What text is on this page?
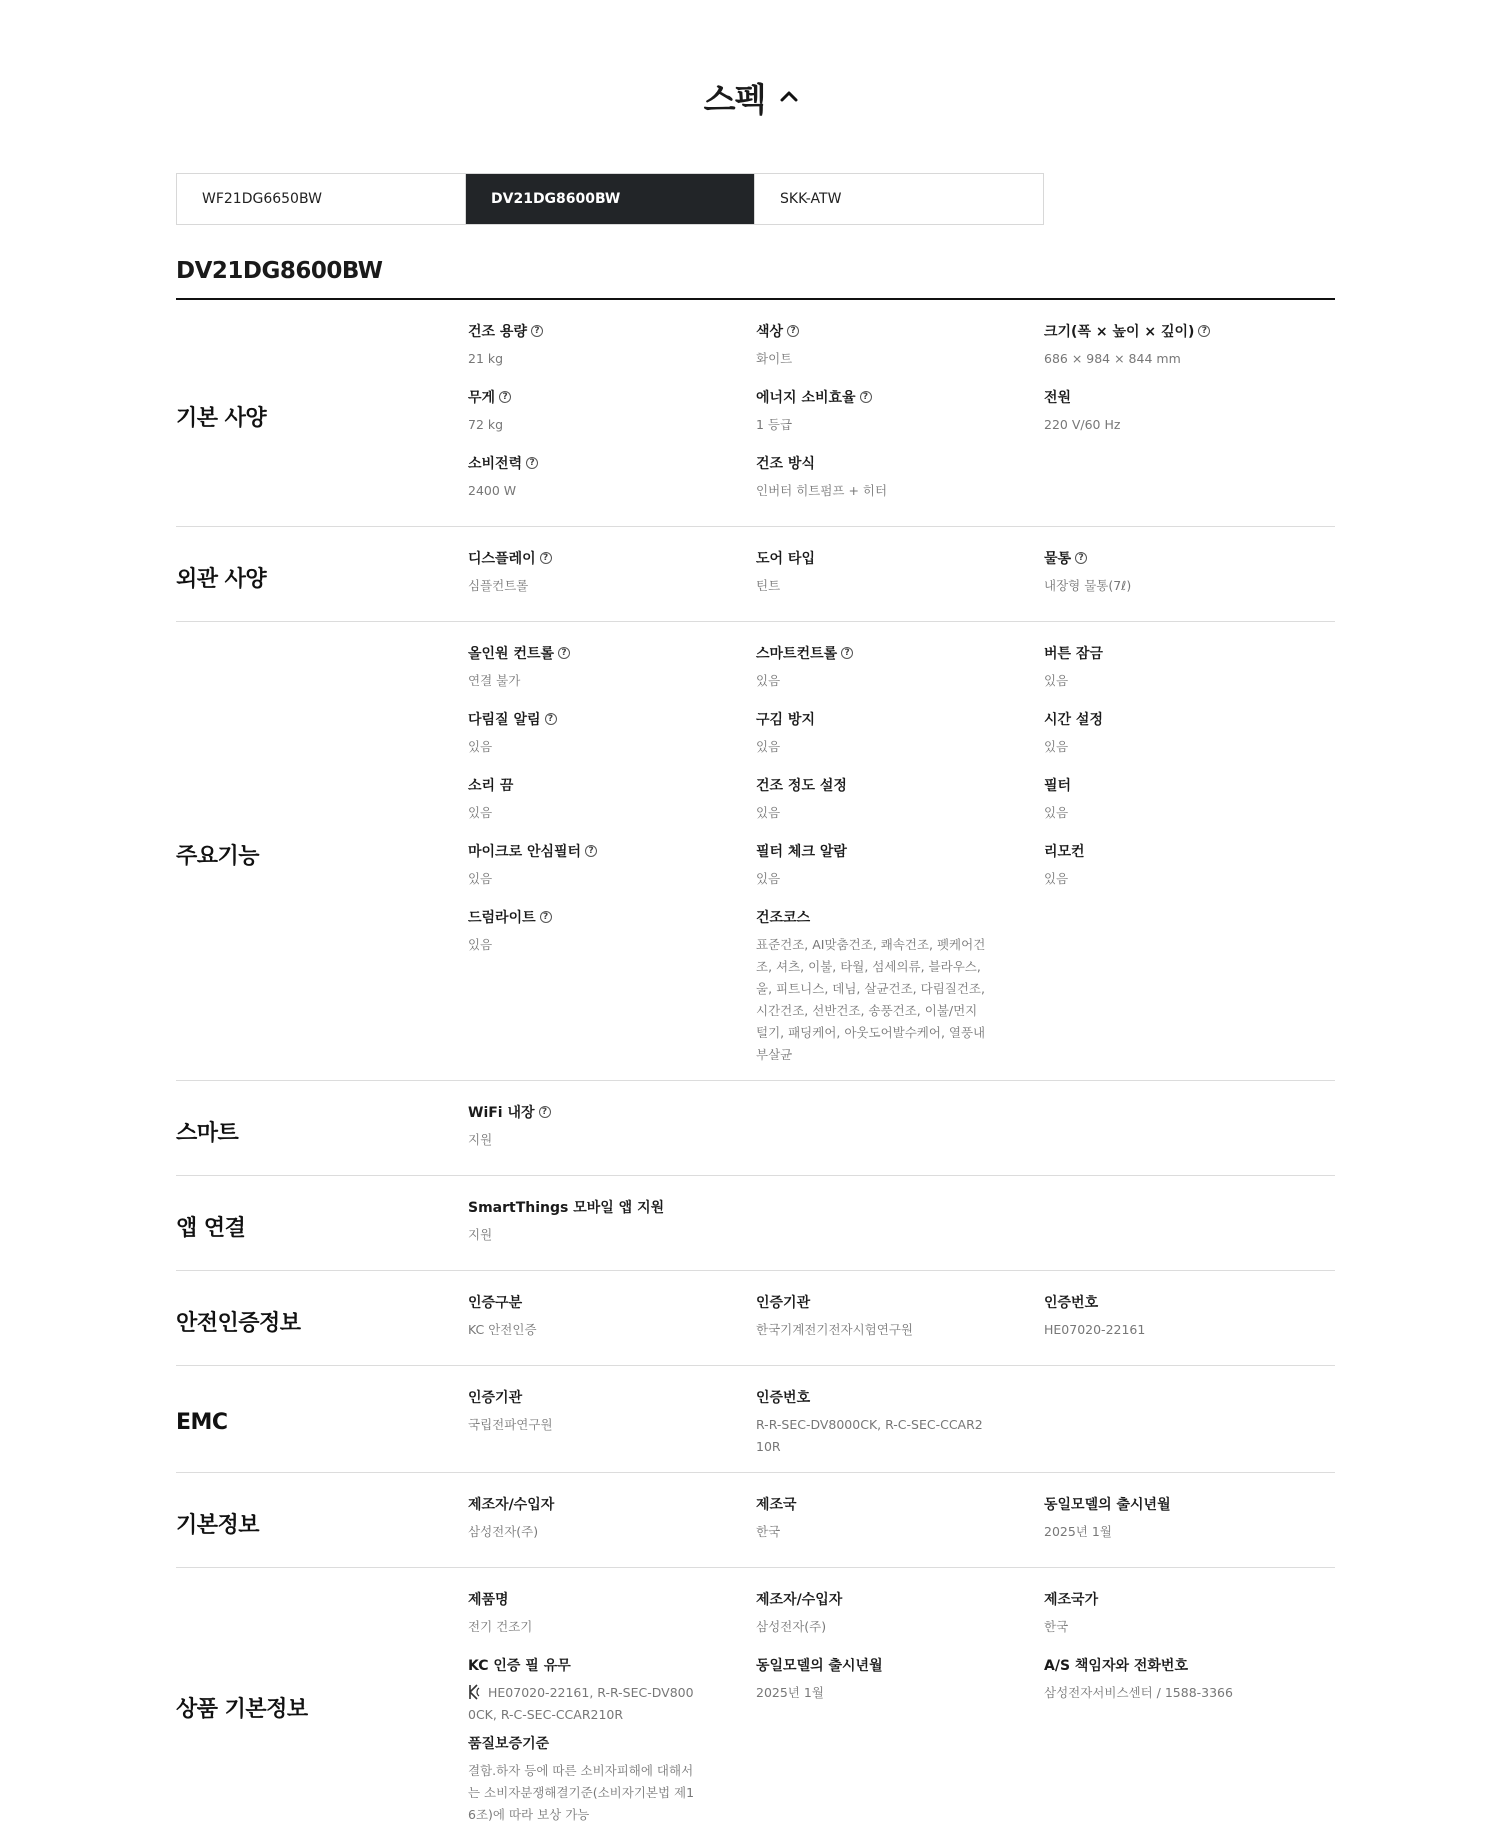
스펙
WF21DG6650BW	DV21DG8600BW	SKK-ATW
DV21DG8600BW
기본 사양
건조 용량 ?
21 kg
색상 ?
화이트
크기(폭 × 높이 × 깊이) ?
686 × 984 × 844 mm
무게 ?
72 kg
에너지 소비효율 ?
1 등급
전원
220 V/60 Hz
소비전력 ?
2400 W
건조 방식
인버터 히트펌프 + 히터
외관 사양
디스플레이 ?
심플컨트롤
도어 타입
틴트
물통 ?
내장형 물통(7ℓ)
주요기능
올인원 컨트롤 ?
연결 불가
스마트컨트롤 ?
있음
버튼 잠금
있음
다림질 알림 ?
있음
구김 방지
있음
시간 설정
있음
소리 끔
있음
건조 정도 설정
있음
필터
있음
마이크로 안심필터 ?
있음
필터 체크 알람
있음
리모컨
있음
드럼라이트 ?
있음
건조코스
표준건조, AI맞춤건조, 쾌속건조, 펫케어건조, 셔츠, 이불, 타월, 섬세의류, 블라우스, 울, 피트니스, 데님, 살균건조, 다림질건조, 시간건조, 선반건조, 송풍건조, 이불/먼지털기, 패딩케어, 아웃도어발수케어, 열풍내부살균
스마트
WiFi 내장 ?
지원
앱 연결
SmartThings 모바일 앱 지원
지원
안전인증정보
인증구분
KC 안전인증
인증기관
한국기계전기전자시험연구원
인증번호
HE07020-22161
EMC
인증기관
국립전파연구원
인증번호
R-R-SEC-DV8000CK, R-C-SEC-CCAR210R
기본정보
제조자/수입자
삼성전자(주)
제조국
한국
동일모델의 출시년월
2025년 1월
상품 기본정보
제품명
전기 건조기
제조자/수입자
삼성전자(주)
제조국가
한국
KC 인증 필 유무
HE07020-22161, R-R-SEC-DV8000CK, R-C-SEC-CCAR210R
동일모델의 출시년월
2025년 1월
A/S 책임자와 전화번호
삼성전자서비스센터 / 1588-3366
품질보증기준
결함.하자 등에 따른 소비자피해에 대해서는 소비자분쟁해결기준(소비자기본법 제16조)에 따라 보상 가능
